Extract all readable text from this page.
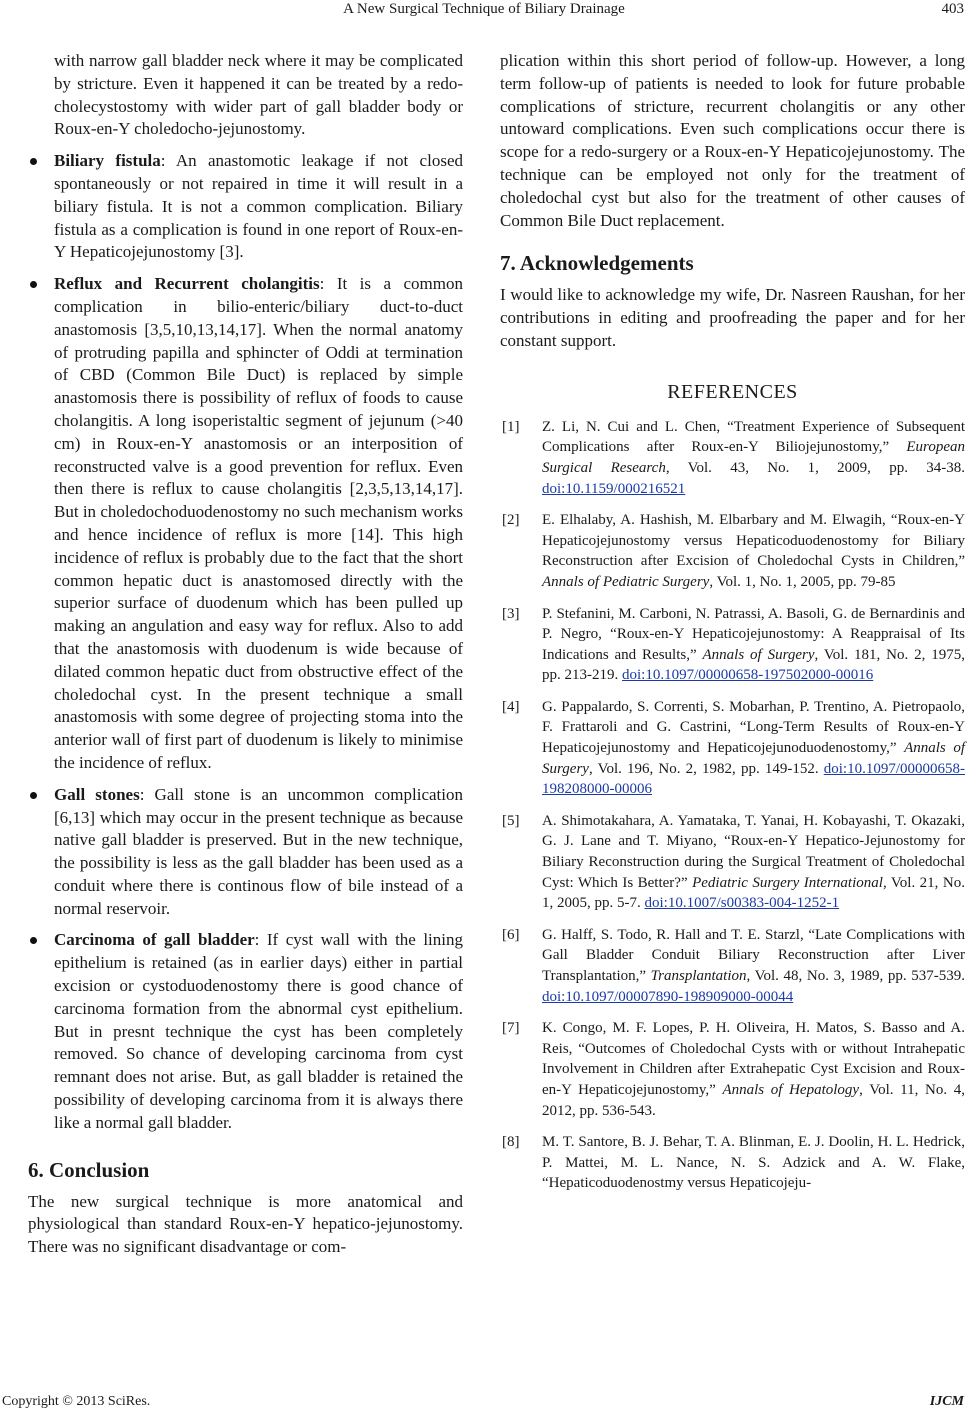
A New Surgical Technique of Biliary Drainage	403

with narrow gall bladder neck where it may be complicated by stricture. Even it happened it can be treated by a redo-cholecystostomy with wider part of gall bladder body or Roux-en-Y choledocho-jejunostomy.

Biliary fistula: An anastomotic leakage if not closed spontaneously or not repaired in time it will result in a biliary fistula. It is not a common complication. Biliary fistula as a complication is found in one report of Roux-en-Y Hepaticojejunostomy [3].
Reflux and Recurrent cholangitis: It is a common complication in bilio-enteric/biliary duct-to-duct anastomosis [3,5,10,13,14,17]. When the normal anatomy of protruding papilla and sphincter of Oddi at termination of CBD (Common Bile Duct) is replaced by simple anastomosis there is possibility of reflux of foods to cause cholangitis. A long isoperistaltic segment of jejunum (>40 cm) in Roux-en-Y anastomosis or an interposition of reconstructed valve is a good prevention for reflux. Even then there is reflux to cause cholangitis [2,3,5,13,14,17]. But in choledochoduodenostomy no such mechanism works and hence incidence of reflux is more [14]. This high incidence of reflux is probably due to the fact that the short common hepatic duct is anastomosed directly with the superior surface of duodenum which has been pulled up making an angulation and easy way for reflux. Also to add that the anastomosis with duodenum is wide because of dilated common hepatic duct from obstructive effect of the choledochal cyst. In the present technique a small anastomosis with some degree of projecting stoma into the anterior wall of first part of duodenum is likely to minimise the incidence of reflux.
Gall stones: Gall stone is an uncommon complication [6,13] which may occur in the present technique as because native gall bladder is preserved. But in the new technique, the possibility is less as the gall bladder has been used as a conduit where there is continous flow of bile instead of a normal reservoir.
Carcinoma of gall bladder: If cyst wall with the lining epithelium is retained (as in earlier days) either in partial excision or cystoduodenostomy there is good chance of carcinoma formation from the abnormal cyst epithelium. But in presnt technique the cyst has been completely removed. So chance of developing carcinoma from cyst remnant does not arise. But, as gall bladder is retained the possibility of developing carcinoma from it is always there like a normal gall bladder.
6. Conclusion

The new surgical technique is more anatomical and physiological than standard Roux-en-Y hepatico-jejunostomy. There was no significant disadvantage or com-

plication within this short period of follow-up. However, a long term follow-up of patients is needed to look for future probable complications of stricture, recurrent cholangitis or any other untoward complications. Even such complications occur there is scope for a redo-surgery or a Roux-en-Y Hepaticojejunostomy. The technique can be employed not only for the treatment of choledochal cyst but also for the treatment of other causes of Common Bile Duct replacement.

7. Acknowledgements

I would like to acknowledge my wife, Dr. Nasreen Raushan, for her contributions in editing and proofreading the paper and for her constant support.

REFERENCES
[1] Z. Li, N. Cui and L. Chen, “Treatment Experience of Subsequent Complications after Roux-en-Y Biliojejunostomy,” European Surgical Research, Vol. 43, No. 1, 2009, pp. 34-38. doi:10.1159/000216521
[2] E. Elhalaby, A. Hashish, M. Elbarbary and M. Elwagih, “Roux-en-Y Hepaticojejunostomy versus Hepaticoduodenostomy for Biliary Reconstruction after Excision of Choledochal Cysts in Children,” Annals of Pediatric Surgery, Vol. 1, No. 1, 2005, pp. 79-85
[3] P. Stefanini, M. Carboni, N. Patrassi, A. Basoli, G. de Bernardinis and P. Negro, “Roux-en-Y Hepaticojejunostomy: A Reappraisal of Its Indications and Results,” Annals of Surgery, Vol. 181, No. 2, 1975, pp. 213-219. doi:10.1097/00000658-197502000-00016
[4] G. Pappalardo, S. Correnti, S. Mobarhan, P. Trentino, A. Pietropaolo, F. Frattaroli and G. Castrini, “Long-Term Results of Roux-en-Y Hepaticojejunostomy and Hepaticojejunoduodenostomy,” Annals of Surgery, Vol. 196, No. 2, 1982, pp. 149-152. doi:10.1097/00000658-198208000-00006
[5] A. Shimotakahara, A. Yamataka, T. Yanai, H. Kobayashi, T. Okazaki, G. J. Lane and T. Miyano, “Roux-en-Y Hepatico-Jejunostomy for Biliary Reconstruction during the Surgical Treatment of Choledochal Cyst: Which Is Better?” Pediatric Surgery International, Vol. 21, No. 1, 2005, pp. 5-7. doi:10.1007/s00383-004-1252-1
[6] G. Halff, S. Todo, R. Hall and T. E. Starzl, “Late Complications with Gall Bladder Conduit Biliary Reconstruction after Liver Transplantation,” Transplantation, Vol. 48, No. 3, 1989, pp. 537-539. doi:10.1097/00007890-198909000-00044
[7] K. Congo, M. F. Lopes, P. H. Oliveira, H. Matos, S. Basso and A. Reis, “Outcomes of Choledochal Cysts with or without Intrahepatic Involvement in Children after Extrahepatic Cyst Excision and Roux-en-Y Hepaticojejunostomy,” Annals of Hepatology, Vol. 11, No. 4, 2012, pp. 536-543.
[8] M. T. Santore, B. J. Behar, T. A. Blinman, E. J. Doolin, H. L. Hedrick, P. Mattei, M. L. Nance, N. S. Adzick and A. W. Flake, “Hepaticoduodenostmy versus Hepaticojeju-
Copyright © 2013 SciRes.	IJCM
